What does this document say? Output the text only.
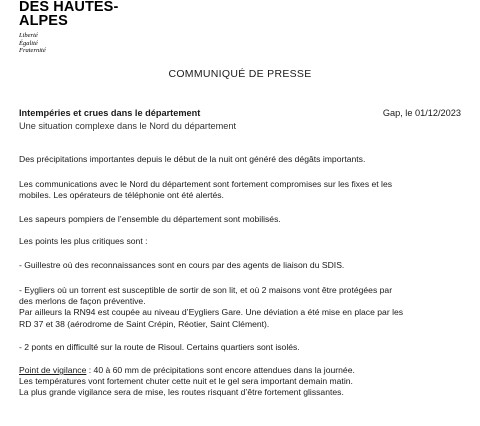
DES HAUTES-
ALPES
Liberté
Égalité
Fraternité
COMMUNIQUÉ DE PRESSE
Intempéries et crues dans le département
Une situation complexe dans le Nord du département
Gap, le 01/12/2023
Des précipitations importantes depuis le début de la nuit ont généré des dégâts importants.
Les communications avec le Nord du département sont fortement compromises sur les fixes et les
mobiles. Les opérateurs de téléphonie ont été alertés.
Les sapeurs pompiers de l’ensemble du département sont mobilisés.
Les points les plus critiques sont :
- Guillestre où des reconnaissances sont en cours par des agents de liaison du SDIS.
- Eygliers où un torrent est susceptible de sortir de son lit, et où 2 maisons vont être protégées par
des merlons de façon préventive.
Par ailleurs la RN94 est coupée au niveau d’Eygliers Gare. Une déviation a été mise en place par les
RD 37 et 38 (aérodrome de Saint Crépin, Réotier, Saint Clément).
- 2 ponts en difficulté sur la route de Risoul. Certains quartiers sont isolés.
Point de vigilance : 40 à 60 mm de précipitations sont encore attendues dans la journée.
Les températures vont fortement chuter cette nuit et le gel sera important demain matin.
La plus grande vigilance sera de mise, les routes risquant d’être fortement glissantes.
